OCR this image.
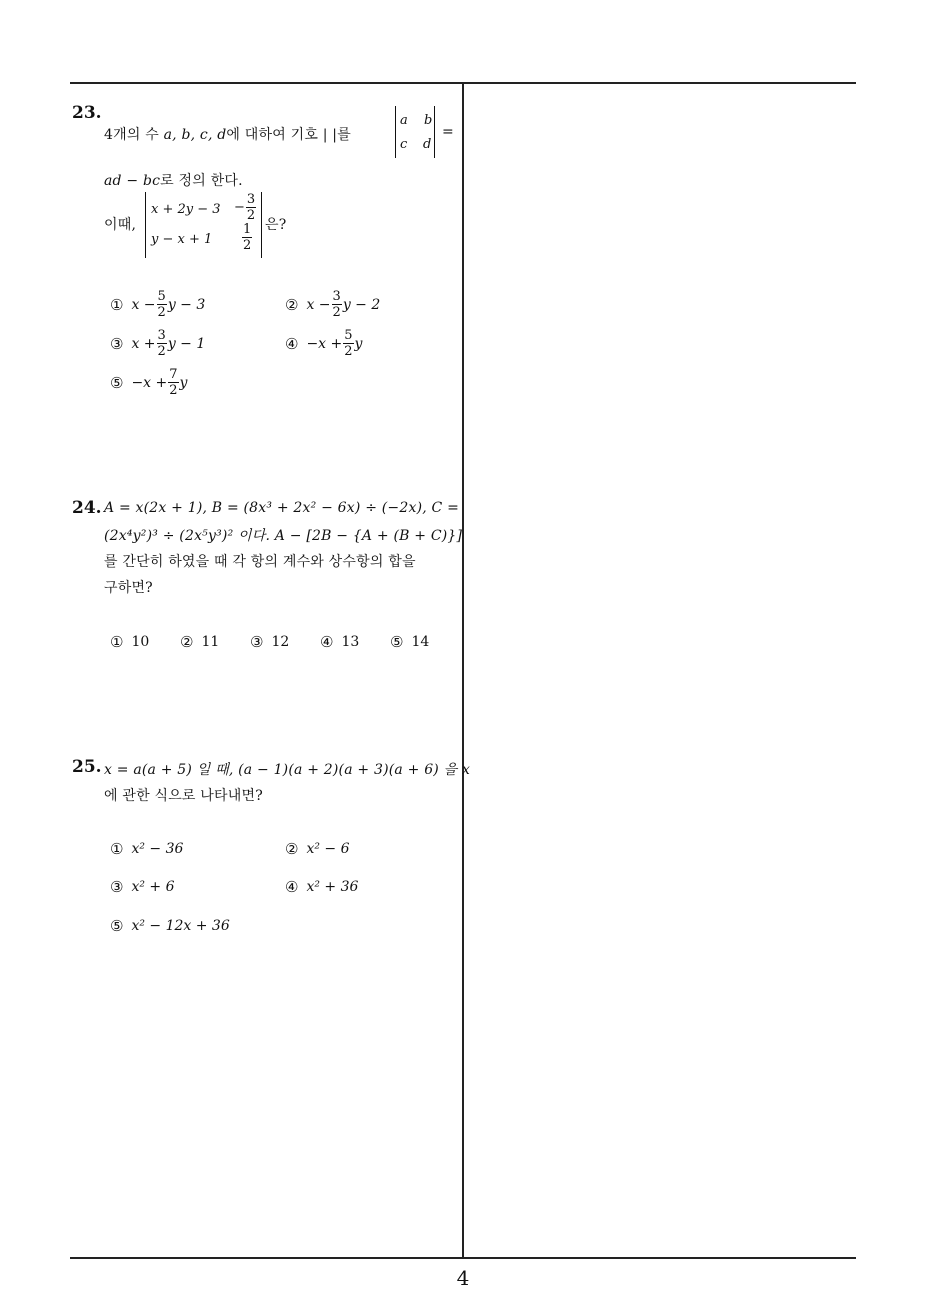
23.
4개의 수 a, b, c, d에 대하여 기호 | |를
a b
c d
=
ad − bc로 정의 한다.
이때,
$x + 2y - 3 - \frac{3}{2}$
$y - x + 1 \frac{1}{2}$ 은?
① $x - \frac{5}{2}$ y − 3	② $x - \frac{3}{2}$ y − 2
③ $x + \frac{3}{2}$ y − 1	④ $-x + \frac{5}{2}$ y
⑤ $-x + \frac{7}{2}$ y
24. A = x(2x + 1), B = (8x³ + 2x² − 6x) ÷ (−2x), C =
(2x⁴y²)³ ÷ (2x⁵y³)² 이다. A − [2B − {A + (B + C)}]
를 간단히 하였을 때 각 항의 계수와 상수항의 합을
구하면?
① 10 ② 11 ③ 12 ④ 13 ⑤ 14
25. x = a(a + 5) 일 때, (a − 1)(a + 2)(a + 3)(a + 6) 을 x
에 관한 식으로 나타내면?
① x² − 36	② x² − 6
③ x² + 6	④ x² + 36
⑤ x² − 12x + 36
4
